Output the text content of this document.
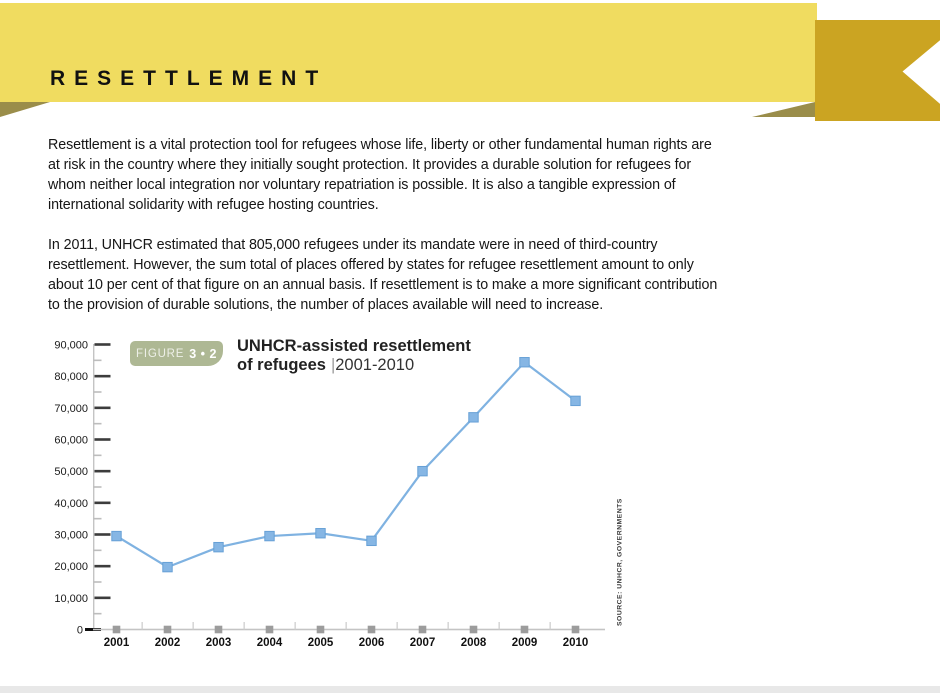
RESETTLEMENT
Resettlement is a vital protection tool for refugees whose life, liberty or other fundamental human rights are
at risk in the country where they initially sought protection. It provides a durable solution for refugees for
whom neither local integration nor voluntary repatriation is possible. It is also a tangible expression of
international solidarity with refugee hosting countries.
In 2011, UNHCR estimated that 805,000 refugees under its mandate were in need of third-country
resettlement. However, the sum total of places offered by states for refugee resettlement amount to only
about 10 per cent of that figure on an annual basis. If resettlement is to make a more significant contribution
to the provision of durable solutions, the number of places available will need to increase.
0
10,000
20,000
30,000
40,000
50,000
60,000
70,000
80,000
90,000
2001 2002 2003 2004 2005 2006 2007 2008 2009 2010
SOURCE: UNHCR, GOVERNMENTS
FIGURE 3 • 2 UNHCR-assisted resettlement
of refugees |2001-2010
